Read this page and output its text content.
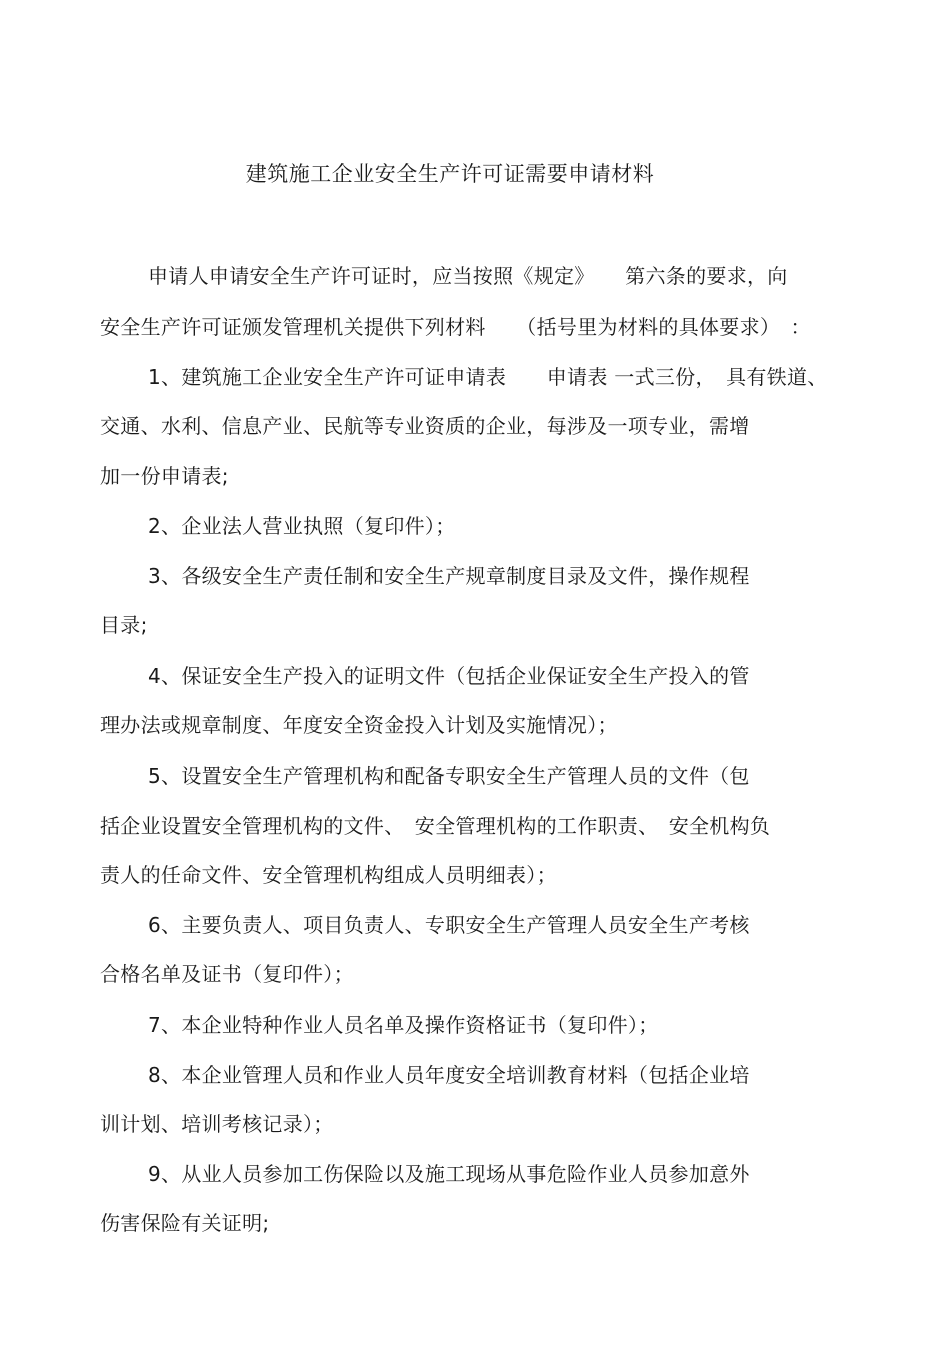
建筑施工企业安全生产许可证需要申请材料
申请人申请安全生产许可证时，应当按照《规定》　　第六条的要求，向
安全生产许可证颁发管理机关提供下列材料　　（括号里为材料的具体要求）　：
1、建筑施工企业安全生产许可证申请表　　申请表 一式三份，　具有铁道、
交通、水利、信息产业、民航等专业资质的企业，每涉及一项专业，需增
加一份申请表;
2、企业法人营业执照（复印件）；
3、各级安全生产责任制和安全生产规章制度目录及文件，操作规程
目录;
4、保证安全生产投入的证明文件（包括企业保证安全生产投入的管
理办法或规章制度、年度安全资金投入计划及实施情况）；
5、设置安全生产管理机构和配备专职安全生产管理人员的文件（包
括企业设置安全管理机构的文件、　安全管理机构的工作职责、　安全机构负
责人的任命文件、安全管理机构组成人员明细表）；
6、主要负责人、项目负责人、专职安全生产管理人员安全生产考核
合格名单及证书（复印件）；
7、本企业特种作业人员名单及操作资格证书（复印件）；
8、本企业管理人员和作业人员年度安全培训教育材料（包括企业培
训计划、培训考核记录）；
9、从业人员参加工伤保险以及施工现场从事危险作业人员参加意外
伤害保险有关证明;
